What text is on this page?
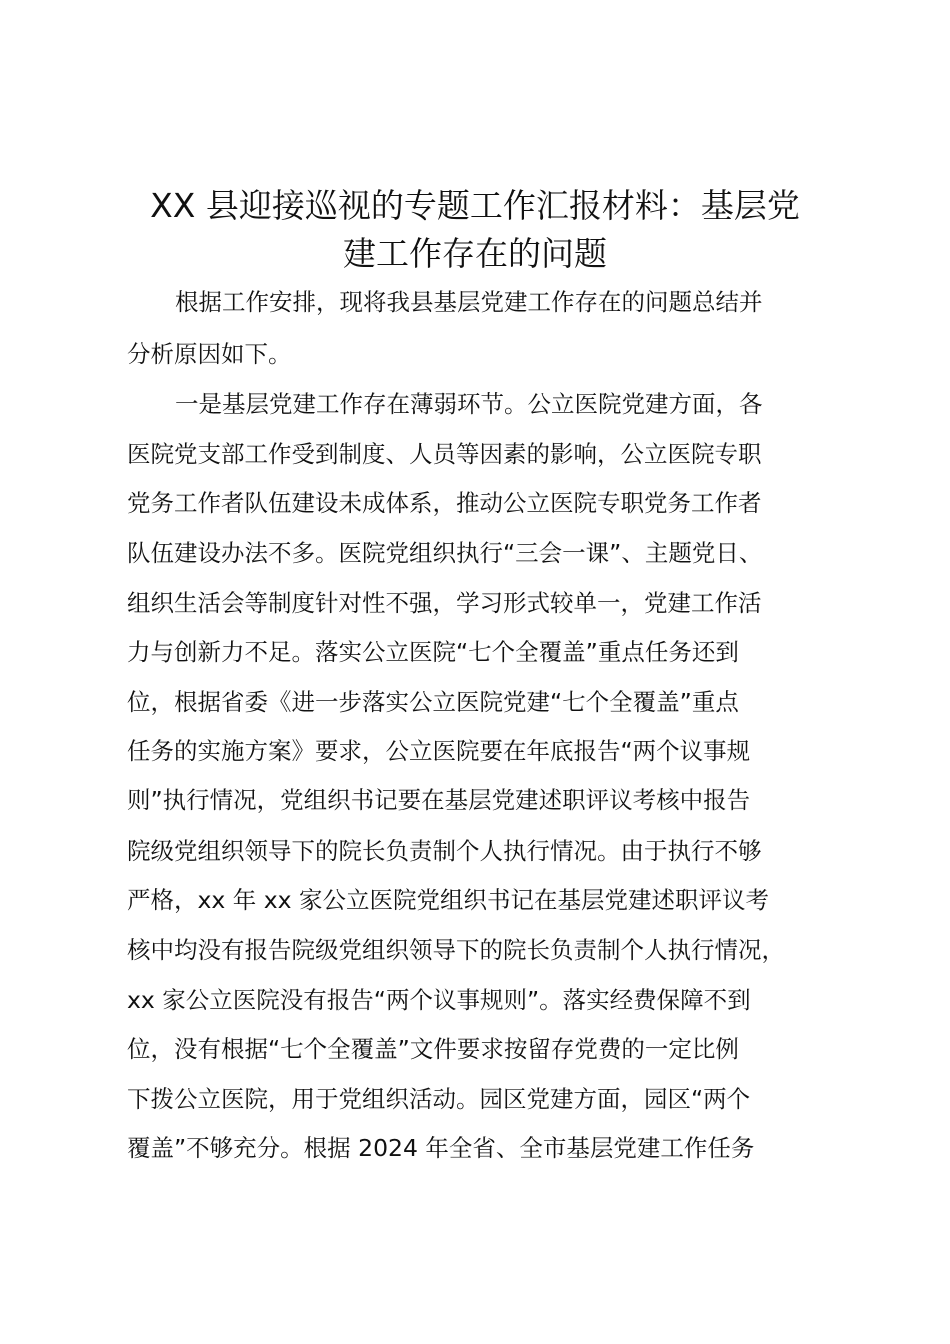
XX 县迎接巡视的专题工作汇报材料：基层党
建工作存在的问题
根据工作安排，现将我县基层党建工作存在的问题总结并
分析原因如下。
一是基层党建工作存在薄弱环节。公立医院党建方面，各
医院党支部工作受到制度、人员等因素的影响，公立医院专职
党务工作者队伍建设未成体系，推动公立医院专职党务工作者
队伍建设办法不多。医院党组织执行“三会一课”、主题党日、
组织生活会等制度针对性不强，学习形式较单一，党建工作活
力与创新力不足。落实公立医院“七个全覆盖”重点任务还到
位，根据省委《进一步落实公立医院党建“七个全覆盖”重点
任务的实施方案》要求，公立医院要在年底报告“两个议事规
则”执行情况，党组织书记要在基层党建述职评议考核中报告
院级党组织领导下的院长负责制个人执行情况。由于执行不够
严格，xx 年 xx 家公立医院党组织书记在基层党建述职评议考
核中均没有报告院级党组织领导下的院长负责制个人执行情况，
xx 家公立医院没有报告“两个议事规则”。落实经费保障不到
位，没有根据“七个全覆盖”文件要求按留存党费的一定比例
下拨公立医院，用于党组织活动。园区党建方面，园区“两个
覆盖”不够充分。根据 2024 年全省、全市基层党建工作任务
